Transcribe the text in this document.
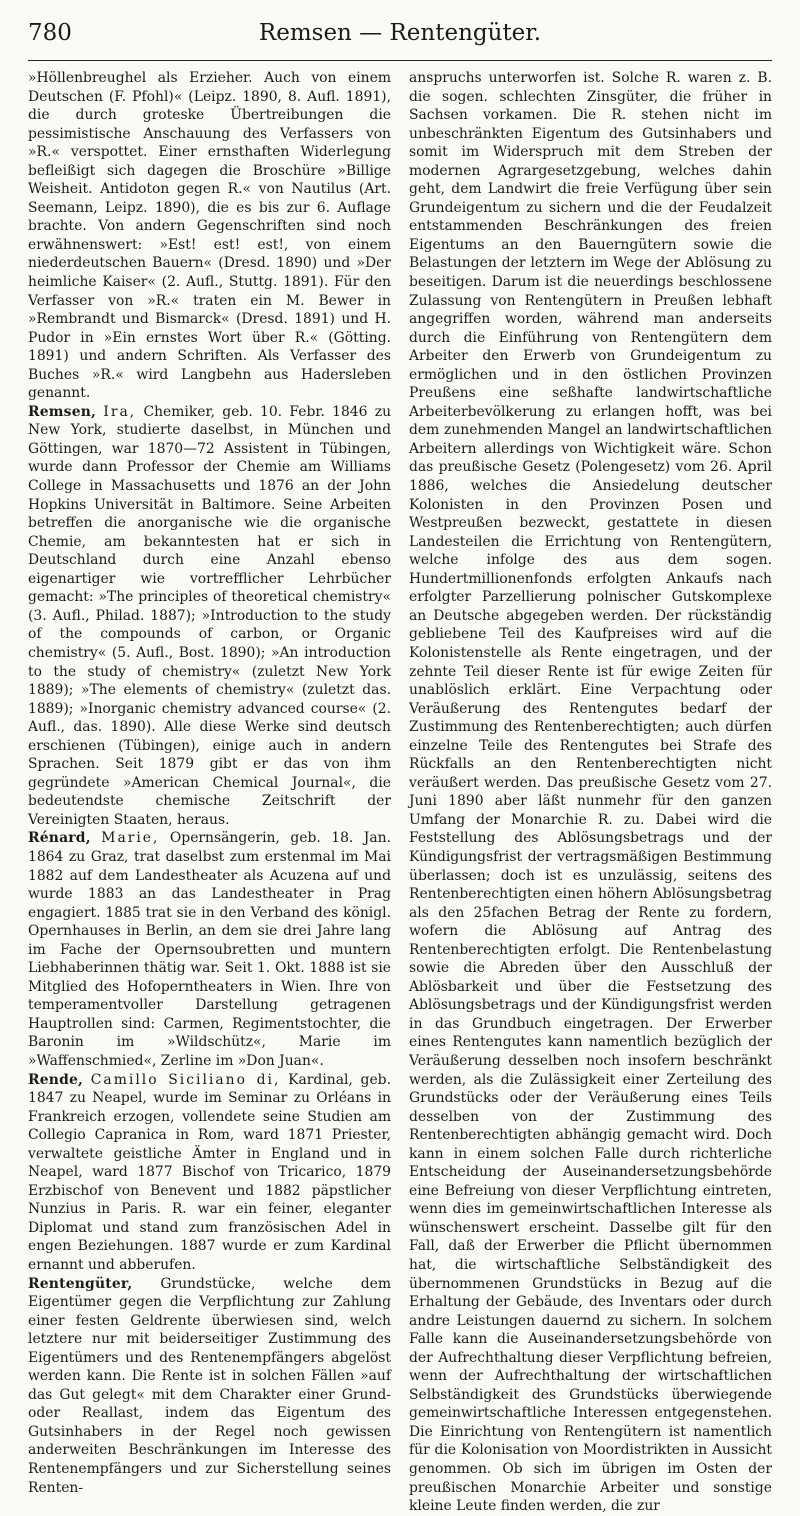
780	Remsen — Rentengüter.

»Höllenbreughel als Erzieher. Auch von einem Deutschen (F. Pfohl)« (Leipz. 1890, 8. Aufl. 1891), die durch groteske Übertreibungen die pessimistische Anschauung des Verfassers von »R.« verspottet. Einer ernsthaften Widerlegung befleißigt sich dagegen die Broschüre »Billige Weisheit. Antidoton gegen R.« von Nautilus (Art. Seemann, Leipz. 1890), die es bis zur 6. Auflage brachte. Von andern Gegenschriften sind noch erwähnenswert: »Est! est! est!, von einem niederdeutschen Bauern« (Dresd. 1890) und »Der heimliche Kaiser« (2. Aufl., Stuttg. 1891). Für den Verfasser von »R.« traten ein M. Bewer in »Rembrandt und Bismarck« (Dresd. 1891) und H. Pudor in »Ein ernstes Wort über R.« (Götting. 1891) und andern Schriften. Als Verfasser des Buches »R.« wird Langbehn aus Hadersleben genannt.

Remsen, Ira, Chemiker, geb. 10. Febr. 1846 zu New York, studierte daselbst, in München und Göttingen, war 1870—72 Assistent in Tübingen, wurde dann Professor der Chemie am Williams College in Massachusetts und 1876 an der John Hopkins Universität in Baltimore. Seine Arbeiten betreffen die anorganische wie die organische Chemie, am bekanntesten hat er sich in Deutschland durch eine Anzahl ebenso eigenartiger wie vortrefflicher Lehrbücher gemacht: »The principles of theoretical chemistry« (3. Aufl., Philad. 1887); »Introduction to the study of the compounds of carbon, or Organic chemistry« (5. Aufl., Bost. 1890); »An introduction to the study of chemistry« (zuletzt New York 1889); »The elements of chemistry« (zuletzt das. 1889); »Inorganic chemistry advanced course« (2. Aufl., das. 1890). Alle diese Werke sind deutsch erschienen (Tübingen), einige auch in andern Sprachen. Seit 1879 gibt er das von ihm gegründete »American Chemical Journal«, die bedeutendste chemische Zeitschrift der Vereinigten Staaten, heraus.

Rénard, Marie, Opernsängerin, geb. 18. Jan. 1864 zu Graz, trat daselbst zum erstenmal im Mai 1882 auf dem Landestheater als Acuzena auf und wurde 1883 an das Landestheater in Prag engagiert. 1885 trat sie in den Verband des königl. Opernhauses in Berlin, an dem sie drei Jahre lang im Fache der Opernsoubretten und muntern Liebhaberinnen thätig war. Seit 1. Okt. 1888 ist sie Mitglied des Hofoperntheaters in Wien. Ihre von temperamentvoller Darstellung getragenen Hauptrollen sind: Carmen, Regimentstochter, die Baronin im »Wildschütz«, Marie im »Waffenschmied«, Zerline im »Don Juan«.

Rende, Camillo Siciliano di, Kardinal, geb. 1847 zu Neapel, wurde im Seminar zu Orléans in Frankreich erzogen, vollendete seine Studien am Collegio Capranica in Rom, ward 1871 Priester, verwaltete geistliche Ämter in England und in Neapel, ward 1877 Bischof von Tricarico, 1879 Erzbischof von Benevent und 1882 päpstlicher Nunzius in Paris. R. war ein feiner, eleganter Diplomat und stand zum französischen Adel in engen Beziehungen. 1887 wurde er zum Kardinal ernannt und abberufen.

Rentengüter, Grundstücke, welche dem Eigentümer gegen die Verpflichtung zur Zahlung einer festen Geldrente überwiesen sind, welch letztere nur mit beiderseitiger Zustimmung des Eigentümers und des Rentenempfängers abgelöst werden kann. Die Rente ist in solchen Fällen »auf das Gut gelegt« mit dem Charakter einer Grund- oder Reallast, indem das Eigentum des Gutsinhabers in der Regel noch gewissen anderweiten Beschränkungen im Interesse des Rentenempfängers und zur Sicherstellung seines Renten-

anspruchs unterworfen ist. Solche R. waren z. B. die sogen. schlechten Zinsgüter, die früher in Sachsen vorkamen. Die R. stehen nicht im unbeschränkten Eigentum des Gutsinhabers und somit im Widerspruch mit dem Streben der modernen Agrargesetzgebung, welches dahin geht, dem Landwirt die freie Verfügung über sein Grundeigentum zu sichern und die der Feudalzeit entstammenden Beschränkungen des freien Eigentums an den Bauerngütern sowie die Belastungen der letztern im Wege der Ablösung zu beseitigen. Darum ist die neuerdings beschlossene Zulassung von Rentengütern in Preußen lebhaft angegriffen worden, während man anderseits durch die Einführung von Rentengütern dem Arbeiter den Erwerb von Grundeigentum zu ermöglichen und in den östlichen Provinzen Preußens eine seßhafte landwirtschaftliche Arbeiterbevölkerung zu erlangen hofft, was bei dem zunehmenden Mangel an landwirtschaftlichen Arbeitern allerdings von Wichtigkeit wäre. Schon das preußische Gesetz (Polengesetz) vom 26. April 1886, welches die Ansiedelung deutscher Kolonisten in den Provinzen Posen und Westpreußen bezweckt, gestattete in diesen Landesteilen die Errichtung von Rentengütern, welche infolge des aus dem sogen. Hundertmillionenfonds erfolgten Ankaufs nach erfolgter Parzellierung polnischer Gutskomplexe an Deutsche abgegeben werden. Der rückständig gebliebene Teil des Kaufpreises wird auf die Kolonistenstelle als Rente eingetragen, und der zehnte Teil dieser Rente ist für ewige Zeiten für unablöslich erklärt. Eine Verpachtung oder Veräußerung des Rentengutes bedarf der Zustimmung des Rentenberechtigten; auch dürfen einzelne Teile des Rentengutes bei Strafe des Rückfalls an den Rentenberechtigten nicht veräußert werden. Das preußische Gesetz vom 27. Juni 1890 aber läßt nunmehr für den ganzen Umfang der Monarchie R. zu. Dabei wird die Feststellung des Ablösungsbetrags und der Kündigungsfrist der vertragsmäßigen Bestimmung überlassen; doch ist es unzulässig, seitens des Rentenberechtigten einen höhern Ablösungsbetrag als den 25fachen Betrag der Rente zu fordern, wofern die Ablösung auf Antrag des Rentenberechtigten erfolgt. Die Rentenbelastung sowie die Abreden über den Ausschluß der Ablösbarkeit und über die Festsetzung des Ablösungsbetrags und der Kündigungsfrist werden in das Grundbuch eingetragen. Der Erwerber eines Rentengutes kann namentlich bezüglich der Veräußerung desselben noch insofern beschränkt werden, als die Zulässigkeit einer Zerteilung des Grundstücks oder der Veräußerung eines Teils desselben von der Zustimmung des Rentenberechtigten abhängig gemacht wird. Doch kann in einem solchen Falle durch richterliche Entscheidung der Auseinandersetzungsbehörde eine Befreiung von dieser Verpflichtung eintreten, wenn dies im gemeinwirtschaftlichen Interesse als wünschenswert erscheint. Dasselbe gilt für den Fall, daß der Erwerber die Pflicht übernommen hat, die wirtschaftliche Selbständigkeit des übernommenen Grundstücks in Bezug auf die Erhaltung der Gebäude, des Inventars oder durch andre Leistungen dauernd zu sichern. In solchem Falle kann die Auseinandersetzungsbehörde von der Aufrechthaltung dieser Verpflichtung befreien, wenn der Aufrechthaltung der wirtschaftlichen Selbständigkeit des Grundstücks überwiegende gemeinwirtschaftliche Interessen entgegenstehen. Die Einrichtung von Rentengütern ist namentlich für die Kolonisation von Moordistrikten in Aussicht genommen. Ob sich im übrigen im Osten der preußischen Monarchie Arbeiter und sonstige kleine Leute finden werden, die zur
